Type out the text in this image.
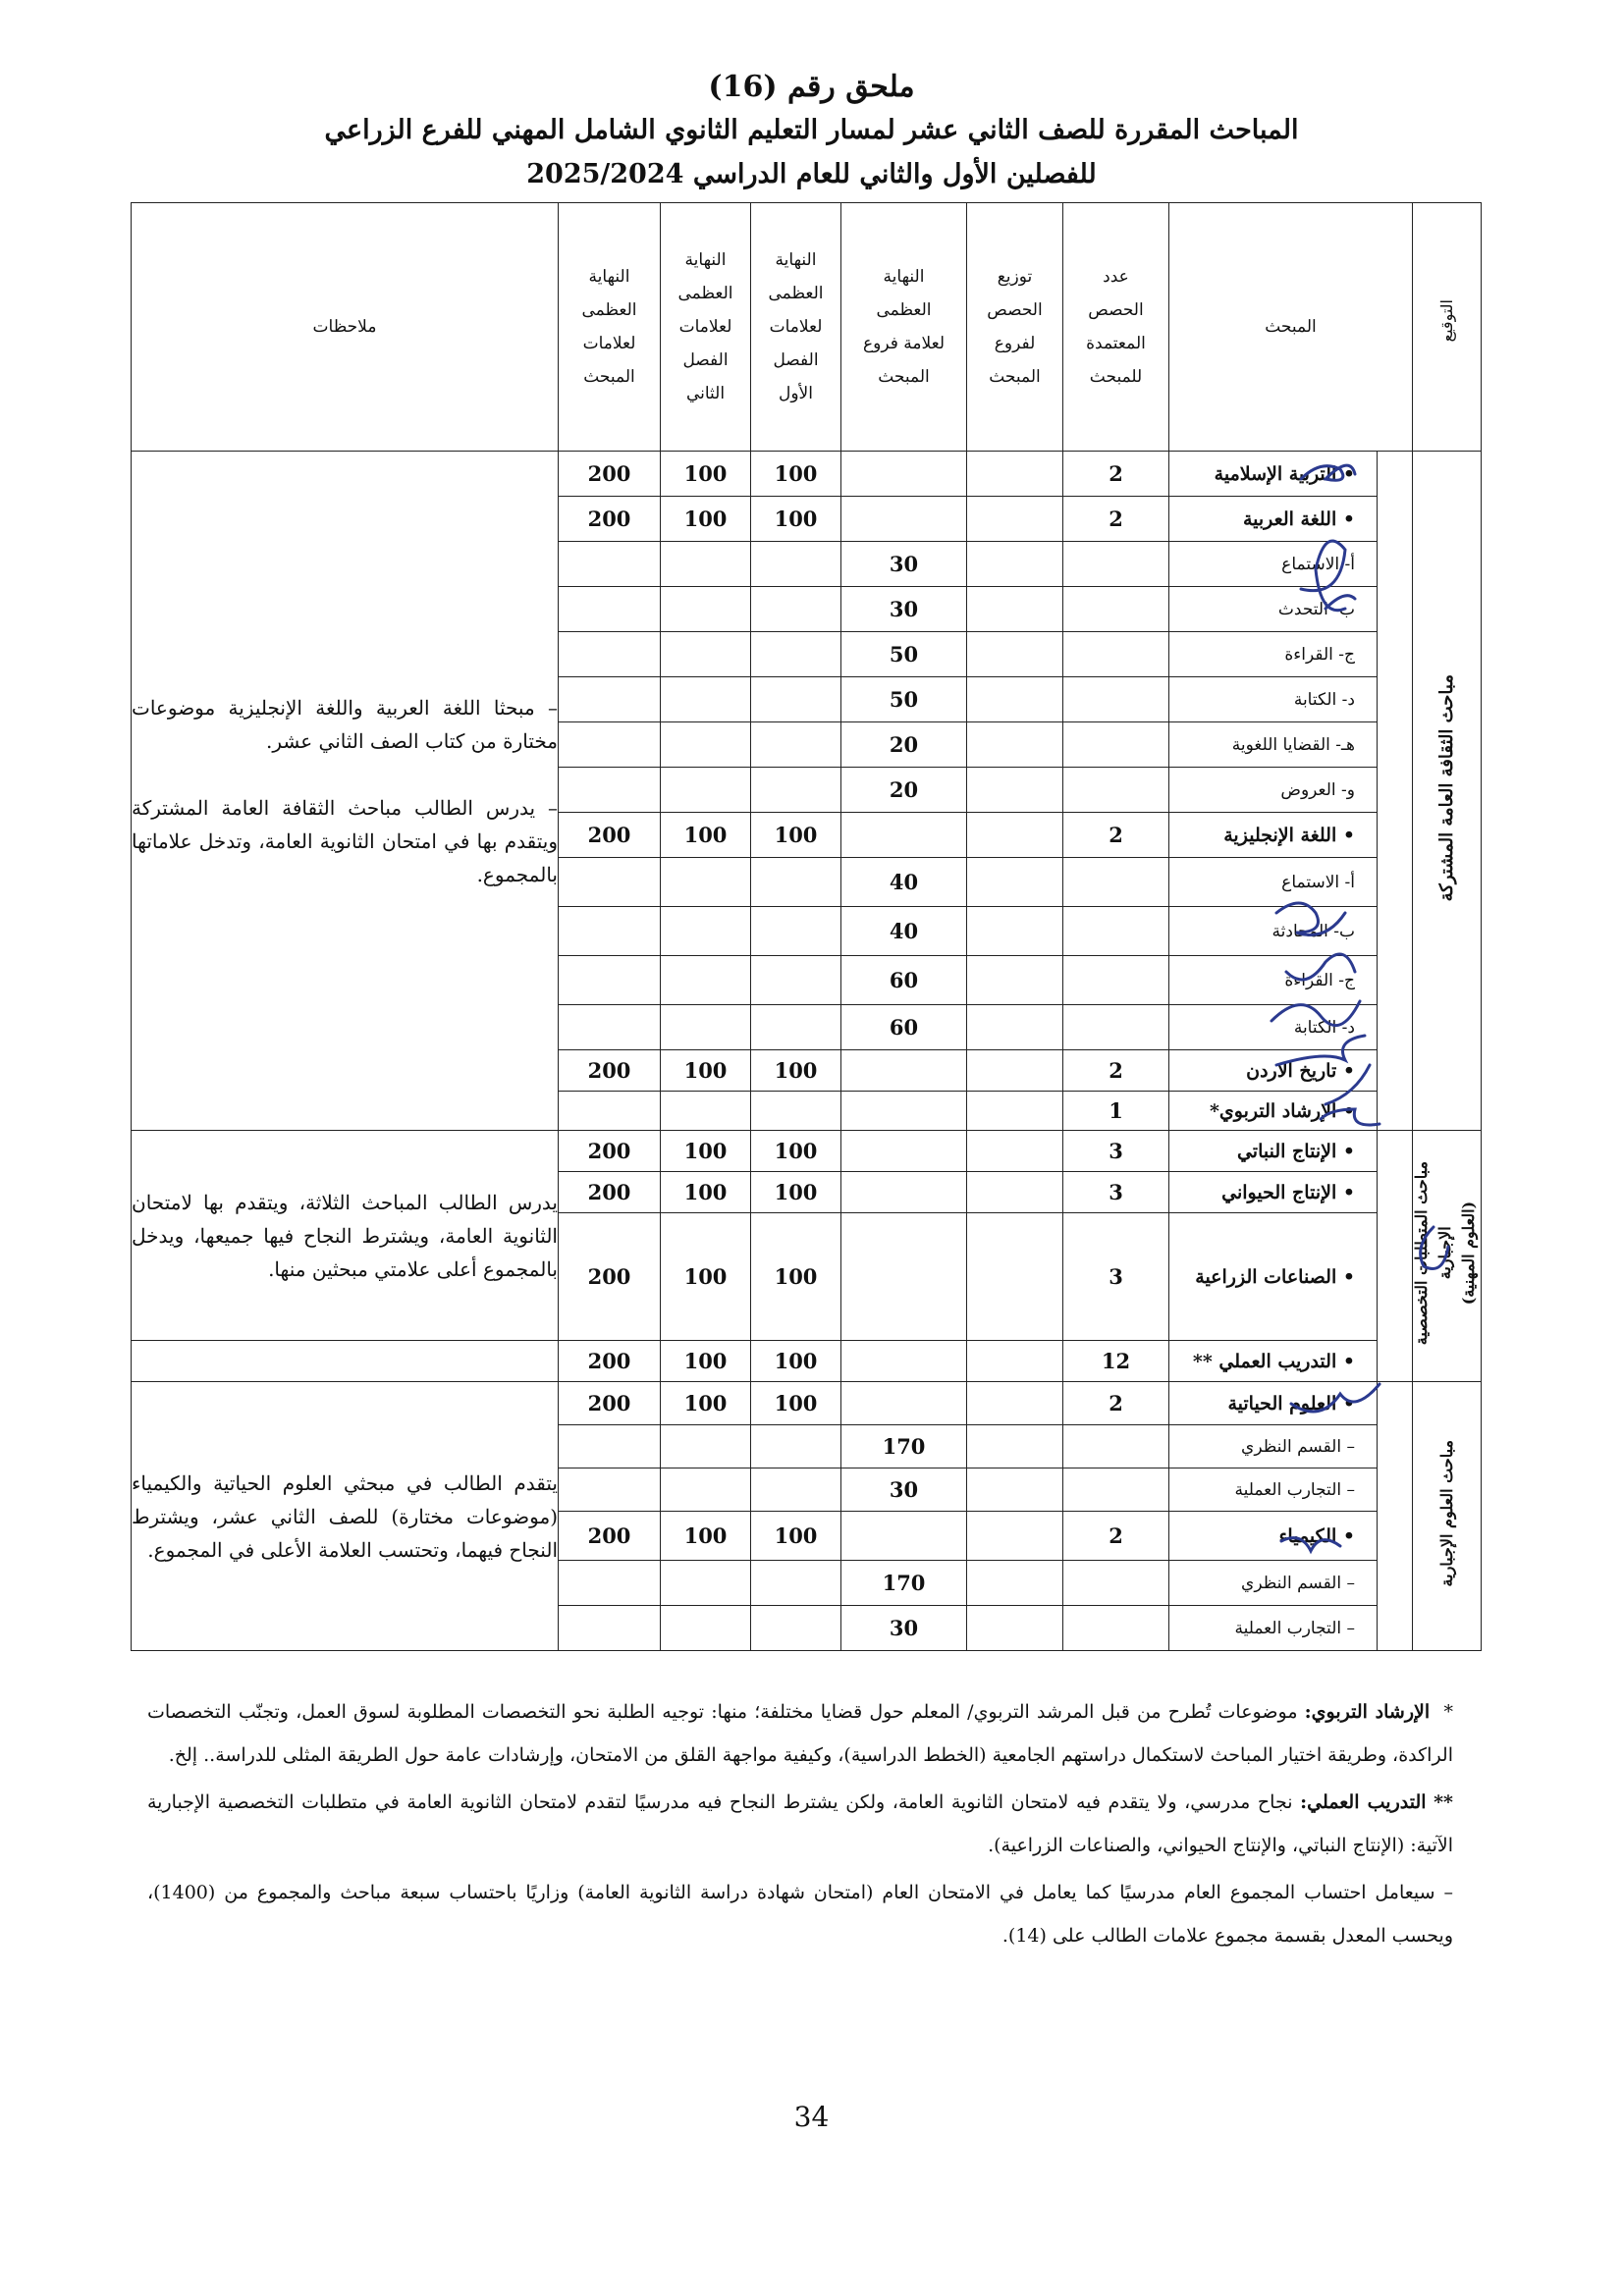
ملحق رقم (16)
المباحث المقررة للصف الثاني عشر لمسار التعليم الثانوي الشامل المهني للفرع الزراعي
للفصلين الأول والثاني للعام الدراسي 2025/2024
التوقيع	المبحث		عدد الحصص المعتمدة للمبحث	توزيع الحصص لفروع المبحث	النهاية العظمى لعلامة فروع المبحث	النهاية العظمى لعلامات الفصل الأول	النهاية العظمى لعلامات الفصل الثاني	النهاية العظمى لعلامات المبحث	ملاحظات
مباحث الثقافة العامة المشتركة		• التربية الإسلامية	2			100	100	200	– مبحثا اللغة العربية واللغة الإنجليزية موضوعات مختارة من كتاب الصف الثاني عشر.
– يدرس الطالب مباحث الثقافة العامة المشتركة ويتقدم بها في امتحان الثانوية العامة، وتدخل علاماتها بالمجموع.

		• اللغة العربية	2			100	100	200	
		أ- الاستماع			30				
		ب- التحدث			30				
		ج- القراءة			50				
		د- الكتابة			50				
		هـ- القضايا اللغوية			20				
		و- العروض			20				
		• اللغة الإنجليزية	2			100	100	200	
		أ- الاستماع			40				
		ب- المحادثة			40				
		ج- القراءة			60				
		د- الكتابة			60				
		• تاريخ الاردن	2			100	100	200	
		• الإرشاد التربوي*	1						
مباحث المتطلبات التخصصية الإجبارية (العلوم المهنية)		• الإنتاج النباتي	3			100	100	200	يدرس الطالب المباحث الثلاثة، ويتقدم بها لامتحان الثانوية العامة، ويشترط النجاح فيها جميعها، ويدخل بالمجموع أعلى علامتي مبحثين منها.

		• الإنتاج الحيواني	3			100	100	200	
		• الصناعات الزراعية	3			100	100	200	
		• التدريب العملي **	12			100	100	200	
مباحث العلوم الإجبارية		• العلوم الحياتية	2			100	100	200	يتقدم الطالب في مبحثي العلوم الحياتية والكيمياء (موضوعات مختارة) للصف الثاني عشر، ويشترط النجاح فيهما، وتحتسب العلامة الأعلى في المجموع.

		– القسم النظري			170				
		– التجارب العملية			30				
		• الكيمياء	2			100	100	200	
		– القسم النظري			170				
		– التجارب العملية			30				

*  الإرشاد التربوي: موضوعات تُطرح من قبل المرشد التربوي/ المعلم حول قضايا مختلفة؛ منها: توجيه الطلبة نحو التخصصات المطلوبة لسوق العمل، وتجنّب التخصصات الراكدة، وطريقة اختيار المباحث لاستكمال دراستهم الجامعية (الخطط الدراسية)، وكيفية مواجهة القلق من الامتحان، وإرشادات عامة حول الطريقة المثلى للدراسة.. إلخ.

** التدريب العملي: نجاح مدرسي، ولا يتقدم فيه لامتحان الثانوية العامة، ولكن يشترط النجاح فيه مدرسيًا لتقدم لامتحان الثانوية العامة في متطلبات التخصصية الإجبارية الآتية: (الإنتاج النباتي، والإنتاج الحيواني، والصناعات الزراعية).

– سيعامل احتساب المجموع العام مدرسيًا كما يعامل في الامتحان العام (امتحان شهادة دراسة الثانوية العامة) وزاريًا باحتساب سبعة مباحث والمجموع من (1400)، ويحسب المعدل بقسمة مجموع علامات الطالب على (14).

34
